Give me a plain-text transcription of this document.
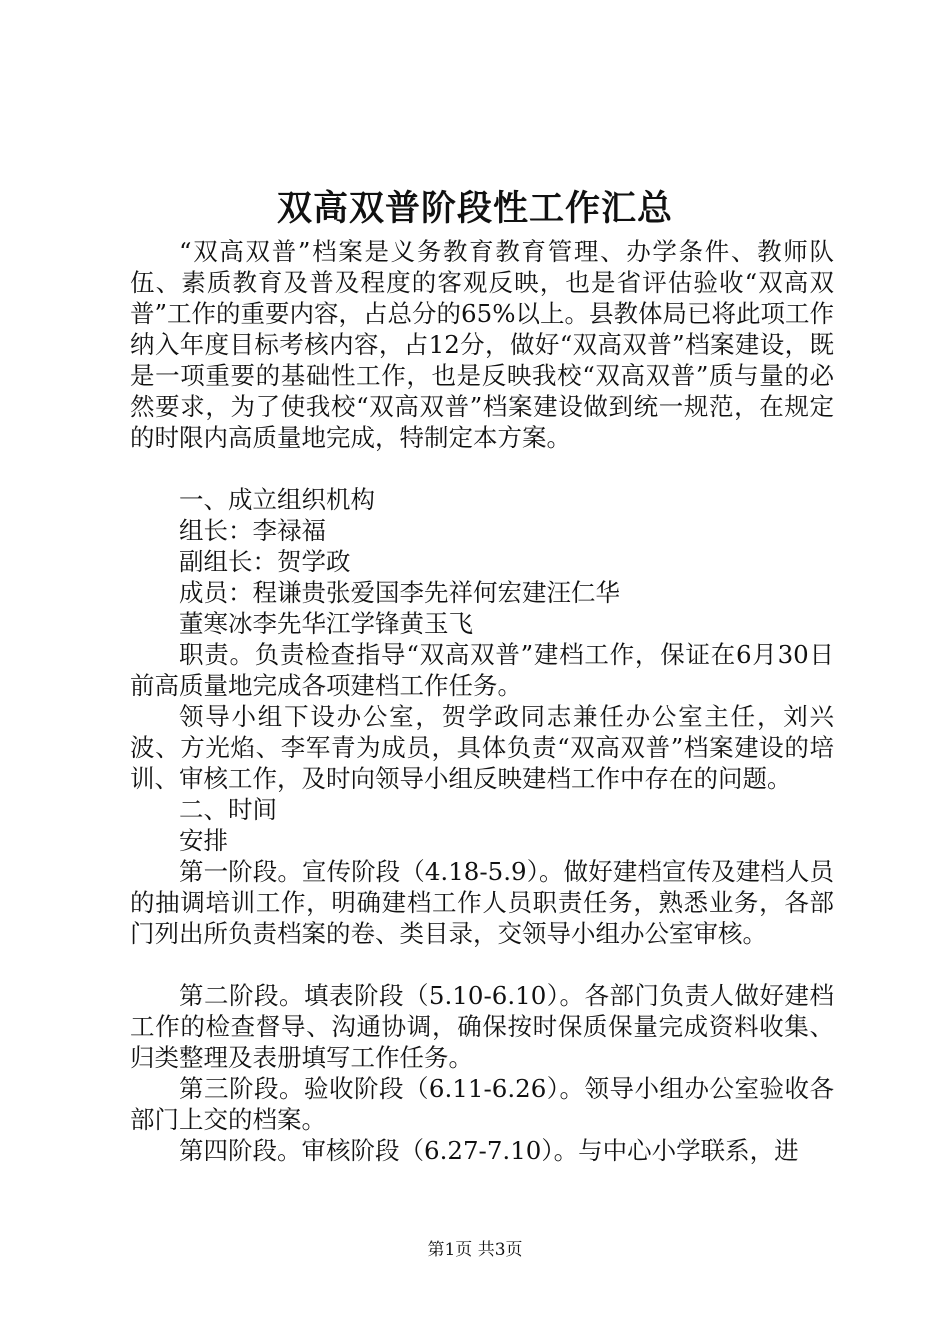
双高双普阶段性工作汇总

“双高双普”档案是义务教育教育管理、办学条件、教师队伍、素质教育及普及程度的客观反映，也是省评估验收“双高双普”工作的重要内容，占总分的65%以上。县教体局已将此项工作纳入年度目标考核内容，占12分，做好“双高双普”档案建设，既是一项重要的基础性工作，也是反映我校“双高双普”质与量的必然要求，为了使我校“双高双普”档案建设做到统一规范，在规定的时限内高质量地完成，特制定本方案。

一、成立组织机构

组长：李禄福

副组长：贺学政

成员：程谦贵张爱国李先祥何宏建汪仁华

董寒冰李先华江学锋黄玉飞

职责。负责检查指导“双高双普”建档工作，保证在6月30日前高质量地完成各项建档工作任务。

领导小组下设办公室，贺学政同志兼任办公室主任，刘兴波、方光焰、李军青为成员，具体负责“双高双普”档案建设的培训、审核工作，及时向领导小组反映建档工作中存在的问题。

二、时间

安排

第一阶段。宣传阶段（4.18-5.9）。做好建档宣传及建档人员的抽调培训工作，明确建档工作人员职责任务，熟悉业务，各部门列出所负责档案的卷、类目录，交领导小组办公室审核。

第二阶段。填表阶段（5.10-6.10）。各部门负责人做好建档工作的检查督导、沟通协调，确保按时保质保量完成资料收集、归类整理及表册填写工作任务。

第三阶段。验收阶段（6.11-6.26）。领导小组办公室验收各部门上交的档案。

第四阶段。审核阶段（6.27-7.10）。与中心小学联系，进

第1页 共3页
